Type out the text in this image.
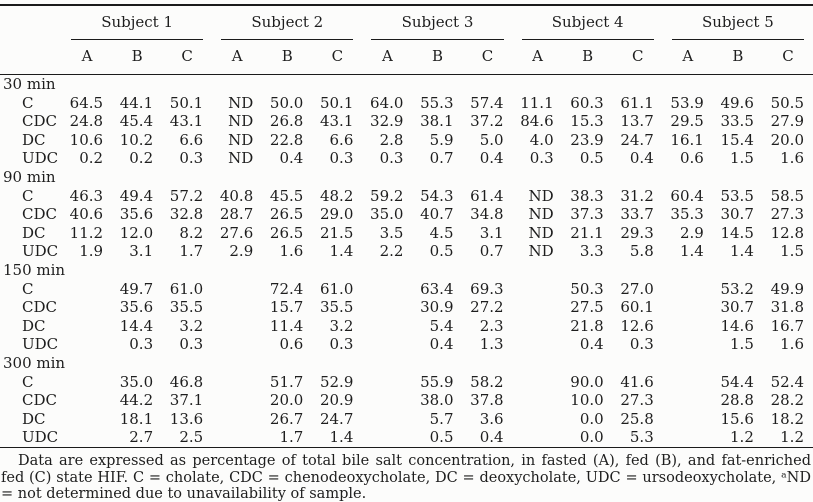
	Subject 1			Subject 2			Subject 3			Subject 4			Subject 5		

	A	B	C	A	B	C	A	B	C	A	B	C	A	B	C
30 min															
C	64.5	44.1	50.1	ND	50.0	50.1	64.0	55.3	57.4	11.1	60.3	61.1	53.9	49.6	50.5
CDC	24.8	45.4	43.1	ND	26.8	43.1	32.9	38.1	37.2	84.6	15.3	13.7	29.5	33.5	27.9
DC	10.6	10.2	6.6	ND	22.8	6.6	2.8	5.9	5.0	4.0	23.9	24.7	16.1	15.4	20.0
UDC	0.2	0.2	0.3	ND	0.4	0.3	0.3	0.7	0.4	0.3	0.5	0.4	0.6	1.5	1.6
90 min															
C	46.3	49.4	57.2	40.8	45.5	48.2	59.2	54.3	61.4	ND	38.3	31.2	60.4	53.5	58.5
CDC	40.6	35.6	32.8	28.7	26.5	29.0	35.0	40.7	34.8	ND	37.3	33.7	35.3	30.7	27.3
DC	11.2	12.0	8.2	27.6	26.5	21.5	3.5	4.5	3.1	ND	21.1	29.3	2.9	14.5	12.8
UDC	1.9	3.1	1.7	2.9	1.6	1.4	2.2	0.5	0.7	ND	3.3	5.8	1.4	1.4	1.5
150 min															
C		49.7	61.0		72.4	61.0		63.4	69.3		50.3	27.0		53.2	49.9
CDC		35.6	35.5		15.7	35.5		30.9	27.2		27.5	60.1		30.7	31.8
DC		14.4	3.2		11.4	3.2		5.4	2.3		21.8	12.6		14.6	16.7
UDC		0.3	0.3		0.6	0.3		0.4	1.3		0.4	0.3		1.5	1.6
300 min															
C		35.0	46.8		51.7	52.9		55.9	58.2		90.0	41.6		54.4	52.4
CDC		44.2	37.1		20.0	20.9		38.0	37.8		10.0	27.3		28.8	28.2
DC		18.1	13.6		26.7	24.7		5.7	3.6		0.0	25.8		15.6	18.2
UDC		2.7	2.5		1.7	1.4		0.5	0.4		0.0	5.3		1.2	1.2

Data are expressed as percentage of total bile salt concentration, in fasted (A), fed (B), and fat-enriched fed (C) state HIF. C = cholate, CDC = chenodeoxycholate, DC = deoxycholate, UDC = ursodeoxycholate, ᵃND = not determined due to unavailability of sample.
